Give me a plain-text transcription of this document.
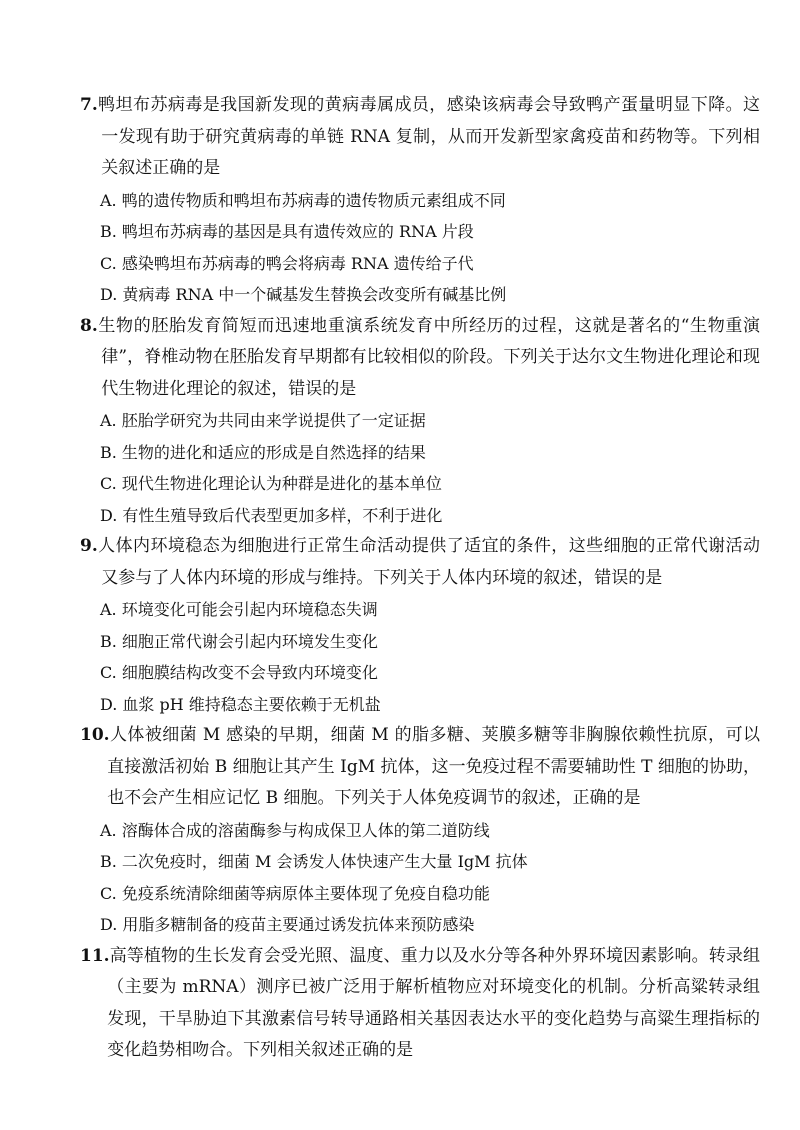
7.鸭坦布苏病毒是我国新发现的黄病毒属成员，感染该病毒会导致鸭产蛋量明显下降。这一发现有助于研究黄病毒的单链 RNA 复制，从而开发新型家禽疫苗和药物等。下列相关叙述正确的是

A. 鸭的遗传物质和鸭坦布苏病毒的遗传物质元素组成不同

B. 鸭坦布苏病毒的基因是具有遗传效应的 RNA 片段

C. 感染鸭坦布苏病毒的鸭会将病毒 RNA 遗传给子代

D. 黄病毒 RNA 中一个碱基发生替换会改变所有碱基比例

8.生物的胚胎发育简短而迅速地重演系统发育中所经历的过程，这就是著名的“生物重演律”，脊椎动物在胚胎发育早期都有比较相似的阶段。下列关于达尔文生物进化理论和现代生物进化理论的叙述，错误的是

A. 胚胎学研究为共同由来学说提供了一定证据

B. 生物的进化和适应的形成是自然选择的结果

C. 现代生物进化理论认为种群是进化的基本单位

D. 有性生殖导致后代表型更加多样，不利于进化

9.人体内环境稳态为细胞进行正常生命活动提供了适宜的条件，这些细胞的正常代谢活动又参与了人体内环境的形成与维持。下列关于人体内环境的叙述，错误的是

A. 环境变化可能会引起内环境稳态失调

B. 细胞正常代谢会引起内环境发生变化

C. 细胞膜结构改变不会导致内环境变化

D. 血浆 pH 维持稳态主要依赖于无机盐

10.人体被细菌 M 感染的早期，细菌 M 的脂多糖、荚膜多糖等非胸腺依赖性抗原，可以直接激活初始 B 细胞让其产生 IgM 抗体，这一免疫过程不需要辅助性 T 细胞的协助，也不会产生相应记忆 B 细胞。下列关于人体免疫调节的叙述，正确的是

A. 溶酶体合成的溶菌酶参与构成保卫人体的第二道防线

B. 二次免疫时，细菌 M 会诱发人体快速产生大量 IgM 抗体

C. 免疫系统清除细菌等病原体主要体现了免疫自稳功能

D. 用脂多糖制备的疫苗主要通过诱发抗体来预防感染

11.高等植物的生长发育会受光照、温度、重力以及水分等各种外界环境因素影响。转录组（主要为 mRNA）测序已被广泛用于解析植物应对环境变化的机制。分析高粱转录组发现，干旱胁迫下其激素信号转导通路相关基因表达水平的变化趋势与高粱生理指标的变化趋势相吻合。下列相关叙述正确的是
